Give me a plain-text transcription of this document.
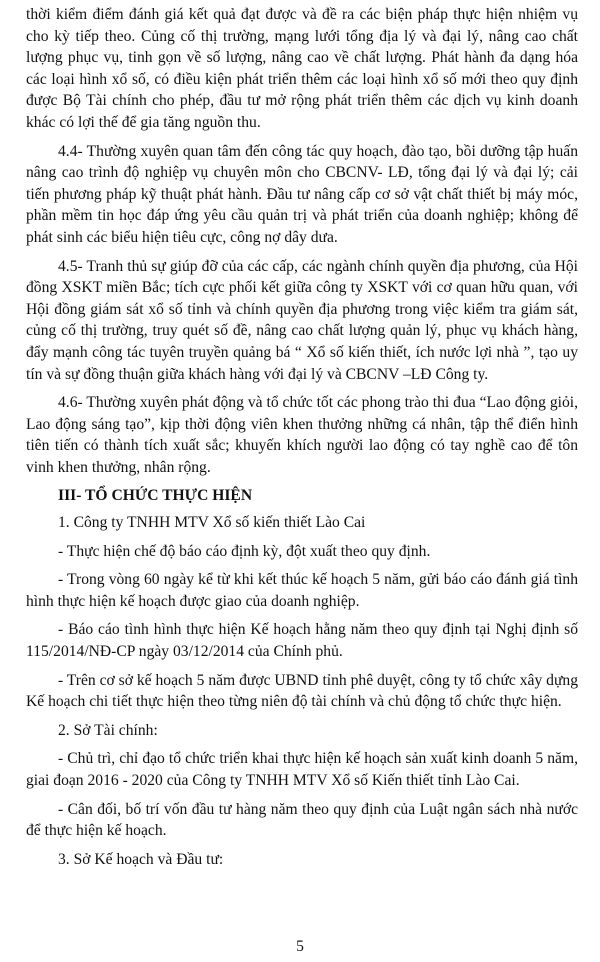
thời kiểm điểm đánh giá kết quả đạt được và đề ra các biện pháp thực hiện nhiệm vụ cho kỳ tiếp theo. Củng cố thị trường, mạng lưới tổng địa lý và đại lý, nâng cao chất lượng phục vụ, tinh gọn về số lượng, nâng cao về chất lượng. Phát hành đa dạng hóa các loại hình xổ số, có điều kiện phát triển thêm các loại hình xổ số mới theo quy định được Bộ Tài chính cho phép, đầu tư mở rộng phát triển thêm các dịch vụ kinh doanh khác có lợi thế để gia tăng nguồn thu.

4.4- Thường xuyên quan tâm đến công tác quy hoạch, đào tạo, bồi dưỡng tập huấn nâng cao trình độ nghiệp vụ chuyên môn cho CBCNV- LĐ, tổng đại lý và đại lý; cải tiến phương pháp kỹ thuật phát hành. Đầu tư nâng cấp cơ sở vật chất thiết bị máy móc, phần mềm tin học đáp ứng yêu cầu quản trị và phát triển của doanh nghiệp; không để phát sinh các biểu hiện tiêu cực, công nợ dây dưa.

4.5- Tranh thủ sự giúp đỡ của các cấp, các ngành chính quyền địa phương, của Hội đồng XSKT miền Bắc; tích cực phối kết giữa công ty XSKT với cơ quan hữu quan, với Hội đồng giám sát xổ số tỉnh và chính quyền địa phương trong việc kiểm tra giám sát, củng cố thị trường, truy quét số đề, nâng cao chất lượng quản lý, phục vụ khách hàng, đẩy mạnh công tác tuyên truyền quảng bá “ Xổ số kiến thiết, ích nước lợi nhà ”, tạo uy tín và sự đồng thuận giữa khách hàng với đại lý và CBCNV –LĐ Công ty.

4.6- Thường xuyên phát động và tổ chức tốt các phong trào thi đua “Lao động giỏi, Lao động sáng tạo”, kịp thời động viên khen thưởng những cá nhân, tập thể điển hình tiên tiến có thành tích xuất sắc; khuyến khích người lao động có tay nghề cao để tôn vinh khen thưởng, nhân rộng.

III- TỔ CHỨC THỰC HIỆN

1. Công ty TNHH MTV Xổ số kiến thiết Lào Cai

- Thực hiện chế độ báo cáo định kỳ, đột xuất theo quy định.

- Trong vòng 60 ngày kể từ khi kết thúc kế hoạch 5 năm, gửi báo cáo đánh giá tình hình thực hiện kế hoạch được giao của doanh nghiệp.

- Báo cáo tình hình thực hiện Kế hoạch hằng năm theo quy định tại Nghị định số 115/2014/NĐ-CP ngày 03/12/2014 của Chính phủ.

- Trên cơ sở kế hoạch 5 năm được UBND tỉnh phê duyệt, công ty tổ chức xây dựng Kế hoạch chi tiết thực hiện theo từng niên độ tài chính và chủ động tổ chức thực hiện.

2. Sở Tài chính:

- Chủ trì, chỉ đạo tổ chức triển khai thực hiện kế hoạch sản xuất kinh doanh 5 năm, giai đoạn 2016 - 2020 của Công ty TNHH MTV Xổ số Kiến thiết tỉnh Lào Cai.

- Cân đối, bố trí vốn đầu tư hàng năm theo quy định của Luật ngân sách nhà nước để thực hiện kế hoạch.

3. Sở Kế hoạch và Đầu tư:

5
